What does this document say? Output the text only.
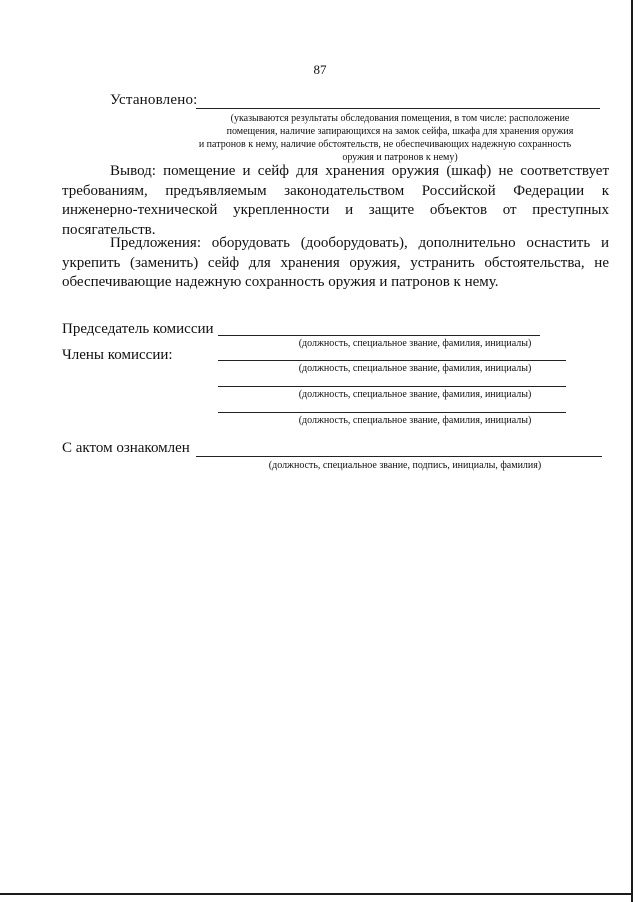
87
Установлено:
(указываются результаты обследования помещения, в том числе: расположение
помещения, наличие запирающихся на замок сейфа, шкафа для хранения оружия
и патронов к нему, наличие обстоятельств, не обеспечивающих надежную сохранность
оружия и патронов к нему)
Вывод: помещение и сейф для хранения оружия (шкаф) не соответствует требованиям, предъявляемым законодательством Российской Федерации к инженерно-технической укрепленности и защите объектов от преступных посягательств.
Предложения: оборудовать (дооборудовать), дополнительно оснастить и укрепить (заменить) сейф для хранения оружия, устранить обстоятельства, не обеспечивающие надежную сохранность оружия и патронов к нему.
Председатель комиссии
(должность, специальное звание, фамилия, инициалы)
Члены комиссии:
(должность, специальное звание, фамилия, инициалы)
(должность, специальное звание, фамилия, инициалы)
(должность, специальное звание, фамилия, инициалы)
С актом ознакомлен
(должность, специальное звание, подпись, инициалы, фамилия)
